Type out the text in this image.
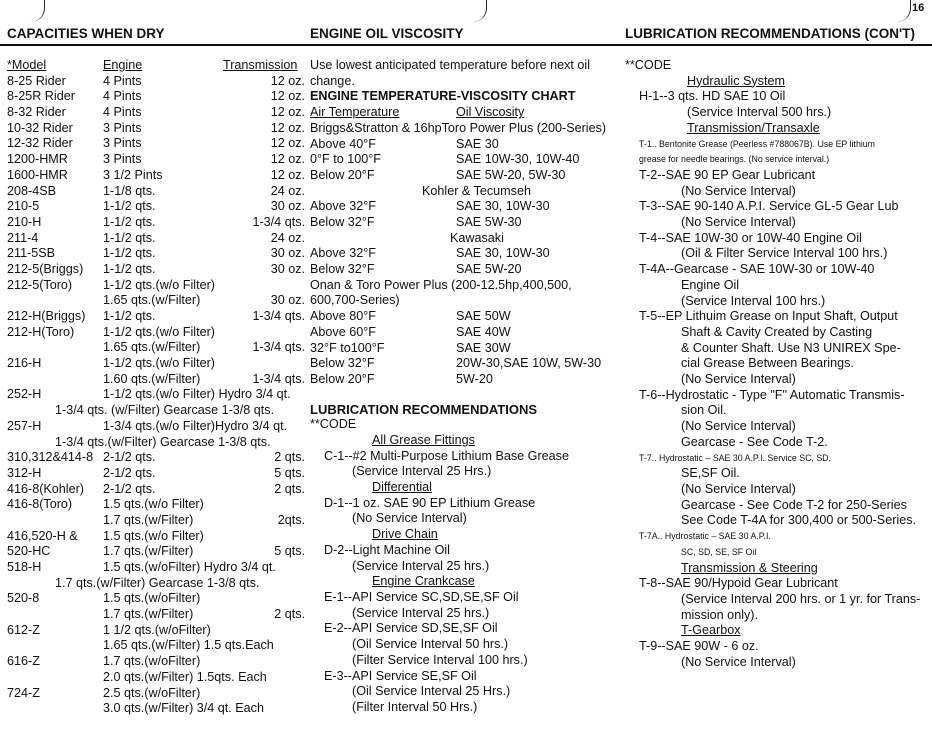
16
CAPACITIES WHEN DRY	ENGINE OIL VISCOSITY	LUBRICATION RECOMMENDATIONS (CON'T)
*Model	Engine	Transmission
8-25 Rider	4 Pints	12 oz.
8-25R Rider 4 Pints	12 oz.
8-32 Rider	4 Pints	12 oz.
10-32 Rider 3 Pints	12 oz.
12-32 Rider 3 Pints	12 oz.
1200-HMR	3 Pints	12 oz.
1600-HMR	3 1/2 Pints	12 oz.
208-4SB	1-1/8 qts.	24 oz.
210-5	1-1/2 qts.	30 oz.
210-H	1-1/2 qts.	1-3/4 qts.
211-4	1-1/2 qts.	24 oz.
211-5SB	1-1/2 qts.	30 oz.
212-5(Briggs) 1-1/2 qts.	30 oz.
212-5(Toro) 1-1/2 qts.(w/o Filter)
1.65 qts.(w/Filter)	30 oz.
212-H(Briggs) 1-1/2 qts.	1-3/4 qts.
212-H(Toro) 1-1/2 qts.(w/o Filter)
1.65 qts.(w/Filter)	1-3/4 qts.
216-H	1-1/2 qts.(w/o Filter)
1.60 qts.(w/Filter)	1-3/4 qts.
252-H	1-1/2 qts.(w/o Filter) Hydro 3/4 qt.
1-3/4 qts. (w/Filter) Gearcase 1-3/8 qts.
257-H	1-3/4 qts.(w/o Filter)Hydro 3/4 qt.
1-3/4 qts.(w/Filter) Gearcase 1-3/8 qts.
310,312&414-8 2-1/2 qts.	2 qts.
312-H	2-1/2 qts.	5 qts.
416-8(Kohler) 2-1/2 qts.	2 qts.
416-8(Toro) 1.5 qts.(w/o Filter)
1.7 qts.(w/Filter)	2qts.
416,520-H & 1.5 qts.(w/o Filter)
520-HC	1.7 qts.(w/Filter)	5 qts.
518-H	1.5 qts.(w/oFilter) Hydro 3/4 qt.
1.7 qts.(w/Filter) Gearcase 1-3/8 qts.
520-8	1.5 qts.(w/oFilter)
1.7 qts.(w/Filter)	2 qts.
612-Z	1 1/2 qts.(w/oFilter)
1.65 qts.(w/Filter) 1.5 qts.Each
616-Z	1.7 qts.(w/oFilter)
2.0 qts.(w/Filter) 1.5qts. Each
724-Z	2.5 qts.(w/oFilter)
3.0 qts.(w/Filter) 3/4 qt. Each
Use lowest anticipated temperature before next oil
change.
ENGINE TEMPERATURE-VISCOSITY CHART
Air Temperature	Oil Viscosity
Briggs&Stratton & 16hpToro Power Plus (200-Series)
Above 40°F	SAE 30
0°F to 100°F	SAE 10W-30, 10W-40
Below 20°F	SAE 5W-20, 5W-30
Kohler & Tecumseh
Above 32°F	SAE 30, 10W-30
Below 32°F	SAE 5W-30
Kawasaki
Above 32°F	SAE 30, 10W-30
Below 32°F	SAE 5W-20
Onan & Toro Power Plus (200-12.5hp,400,500,
600,700-Series)
Above 80°F	SAE 50W
Above 60°F	SAE 40W
32°F to100°F	SAE 30W
Below 32°F	20W-30,SAE 10W, 5W-30
Below 20°F	5W-20
LUBRICATION RECOMMENDATIONS
**CODE
All Grease Fittings
C-1--#2 Multi-Purpose Lithium Base Grease
(Service Interval 25 Hrs.)
Differential
D-1--1 oz. SAE 90 EP Lithium Grease
(No Service Interval)
Drive Chain
D-2--Light Machine Oil
(Service Interval 25 hrs.)
Engine Crankcase
E-1--API Service SC,SD,SE,SF Oil
(Service Interval 25 hrs.)
E-2--API Service SD,SE,SF Oil
(Oil Service Interval 50 hrs.)
(Filter Service Interval 100 hrs.)
E-3--API Service SE,SF Oil
(Oil Service Interval 25 Hrs.)
(Filter Interval 50 Hrs.)
**CODE
Hydraulic System
H-1--3 qts. HD SAE 10 Oil
(Service Interval 500 hrs.)
Transmission/Transaxle
T-1.. Bentonite Grease (Peerless #788067B). Use EP lithium
grease for needle bearings. (No service interval.)
T-2--SAE 90 EP Gear Lubricant
(No Service Interval)
T-3--SAE 90-140 A.P.I. Service GL-5 Gear Lub
(No Service Interval)
T-4--SAE 10W-30 or 10W-40 Engine Oil
(Oil & Filter Service Interval 100 hrs.)
T-4A--Gearcase - SAE 10W-30 or 10W-40
Engine Oil
(Service Interval 100 hrs.)
T-5--EP Lithuim Grease on Input Shaft, Output
Shaft & Cavity Created by Casting
& Counter Shaft. Use N3 UNIREX Spe-
cial Grease Between Bearings.
(No Service Interval)
T-6--Hydrostatic - Type "F" Automatic Transmis-
sion Oil.
(No Service Interval)
Gearcase - See Code T-2.
T-7.. Hydrostatic – SAE 30 A.P.I. Service SC, SD.
SE,SF Oil.
(No Service Interval)
Gearcase - See Code T-2 for 250-Series
See Code T-4A for 300,400 or 500-Series.
T-7A.. Hydrostatic – SAE 30 A.P.I.
SC, SD, SE, SF Oil
Transmission & Steering
T-8--SAE 90/Hypoid Gear Lubricant
(Service Interval 200 hrs. or 1 yr. for Trans-
mission only).
T-Gearbox
T-9--SAE 90W - 6 oz.
(No Service Interval)
